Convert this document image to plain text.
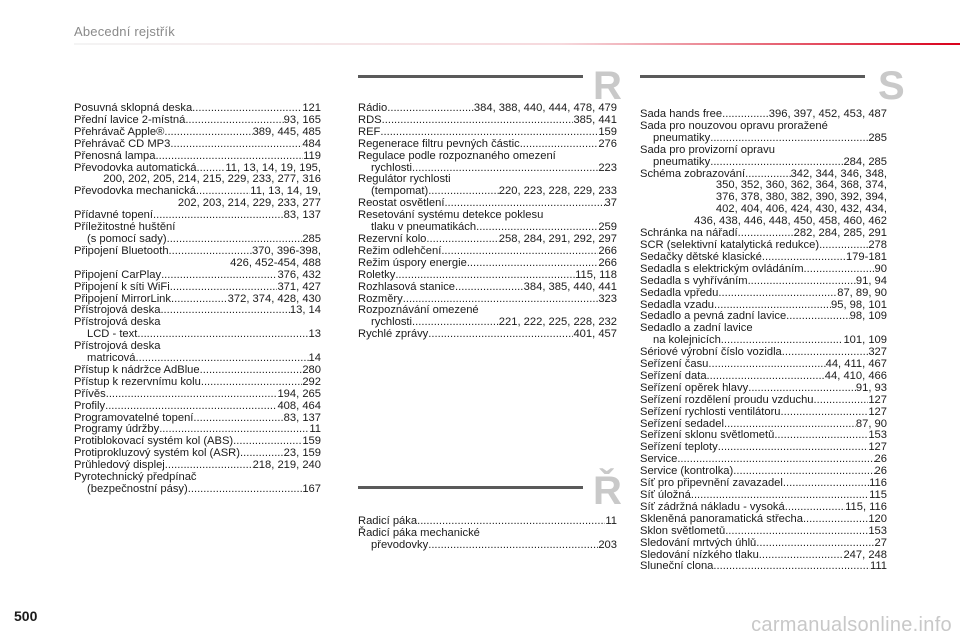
Abecední rejstřík
R	S
Ř
Posuvná sklopná deska .....	121
Přední lavice 2-místná .....	93, 165
Přehrávač Apple® .....	389, 445, 485
Přehrávač CD MP3 .....	484
Přenosná lampa .....	119
Převodovka automatická .....	11, 13, 14, 19, 195,
200, 202, 205, 214, 215, 229, 233, 277, 316
Převodovka mechanická .....	11, 13, 14, 19,
202, 203, 214, 229, 233, 277
Přídavné topení .....	83, 137
Příležitostné huštění
(s pomocí sady) .....	285
Připojení Bluetooth .....	370, 396-398,
426, 452-454, 488
Připojení CarPlay .....	376, 432
Připojení k síti WiFi .....	371, 427
Připojení MirrorLink .....	372, 374, 428, 430
Přístrojová deska .....	13, 14
Přístrojová deska
LCD - text .....	13
Přístrojová deska
matricová .....	14
Přístup k nádržce AdBlue .....	280
Přístup k rezervnímu kolu .....	292
Přívěs .....	194, 265
Profily .....	408, 464
Programovatelné topení .....	83, 137
Programy údržby .....	11
Protiblokovací systém kol (ABS) .....	159
Protiprokluzový systém kol (ASR) .....	23, 159
Průhledový displej .....	218, 219, 240
Pyrotechnický předpínač
(bezpečnostní pásy) .....	167
Rádio .....	384, 388, 440, 444, 478, 479
RDS .....	385, 441
REF .....	159
Regenerace filtru pevných částic .....	276
Regulace podle rozpoznaného omezení
rychlosti .....	223
Regulátor rychlosti
(tempomat) .....	220, 223, 228, 229, 233
Reostat osvětlení .....	37
Resetování systému detekce poklesu
tlaku v pneumatikách .....	259
Rezervní kolo .....	258, 284, 291, 292, 297
Režim odlehčení .....	266
Režim úspory energie .....	266
Roletky .....	115, 118
Rozhlasová stanice .....	384, 385, 440, 441
Rozměry .....	323
Rozpoznávání omezené
rychlosti .....	221, 222, 225, 228, 232
Rychlé zprávy .....	401, 457
Řadicí páka .....	11
Řadicí páka mechanické
převodovky .....	203
Sada hands free .....	396, 397, 452, 453, 487
Sada pro nouzovou opravu proražené
pneumatiky .....	285
Sada pro provizorní opravu
pneumatiky .....	284, 285
Schéma zobrazování .....	342, 344, 346, 348,
350, 352, 360, 362, 364, 368, 374,
376, 378, 380, 382, 390, 392, 394,
402, 404, 406, 424, 430, 432, 434,
436, 438, 446, 448, 450, 458, 460, 462
Schránka na nářadí .....	282, 284, 285, 291
SCR (selektivní katalytická redukce) .....	278
Sedačky dětské klasické .....	179-181
Sedadla s elektrickým ovládáním .....	90
Sedadla s vyhříváním .....	91, 94
Sedadla vpředu .....	87, 89, 90
Sedadla vzadu .....	95, 98, 101
Sedadlo a pevná zadní lavice .....	98, 109
Sedadlo a zadní lavice
na kolejnicích .....	101, 109
Sériové výrobní číslo vozidla .....	327
Seřízení času .....	44, 411, 467
Seřízení data .....	44, 410, 466
Seřízení opěrek hlavy .....	91, 93
Seřízení rozdělení proudu vzduchu .....	127
Seřízení rychlosti ventilátoru .....	127
Seřízení sedadel .....	87, 90
Seřízení sklonu světlometů .....	153
Seřízení teploty .....	127
Service .....	26
Service (kontrolka) .....	26
Síť pro připevnění zavazadel .....	116
Síť úložná .....	115
Síť zádržná nákladu - vysoká .....	115, 116
Skleněná panoramatická střecha .....	120
Sklon světlometů .....	153
Sledování mrtvých úhlů .....	27
Sledování nízkého tlaku .....	247, 248
Sluneční clona .....	111
500	carmanualsonline.info
